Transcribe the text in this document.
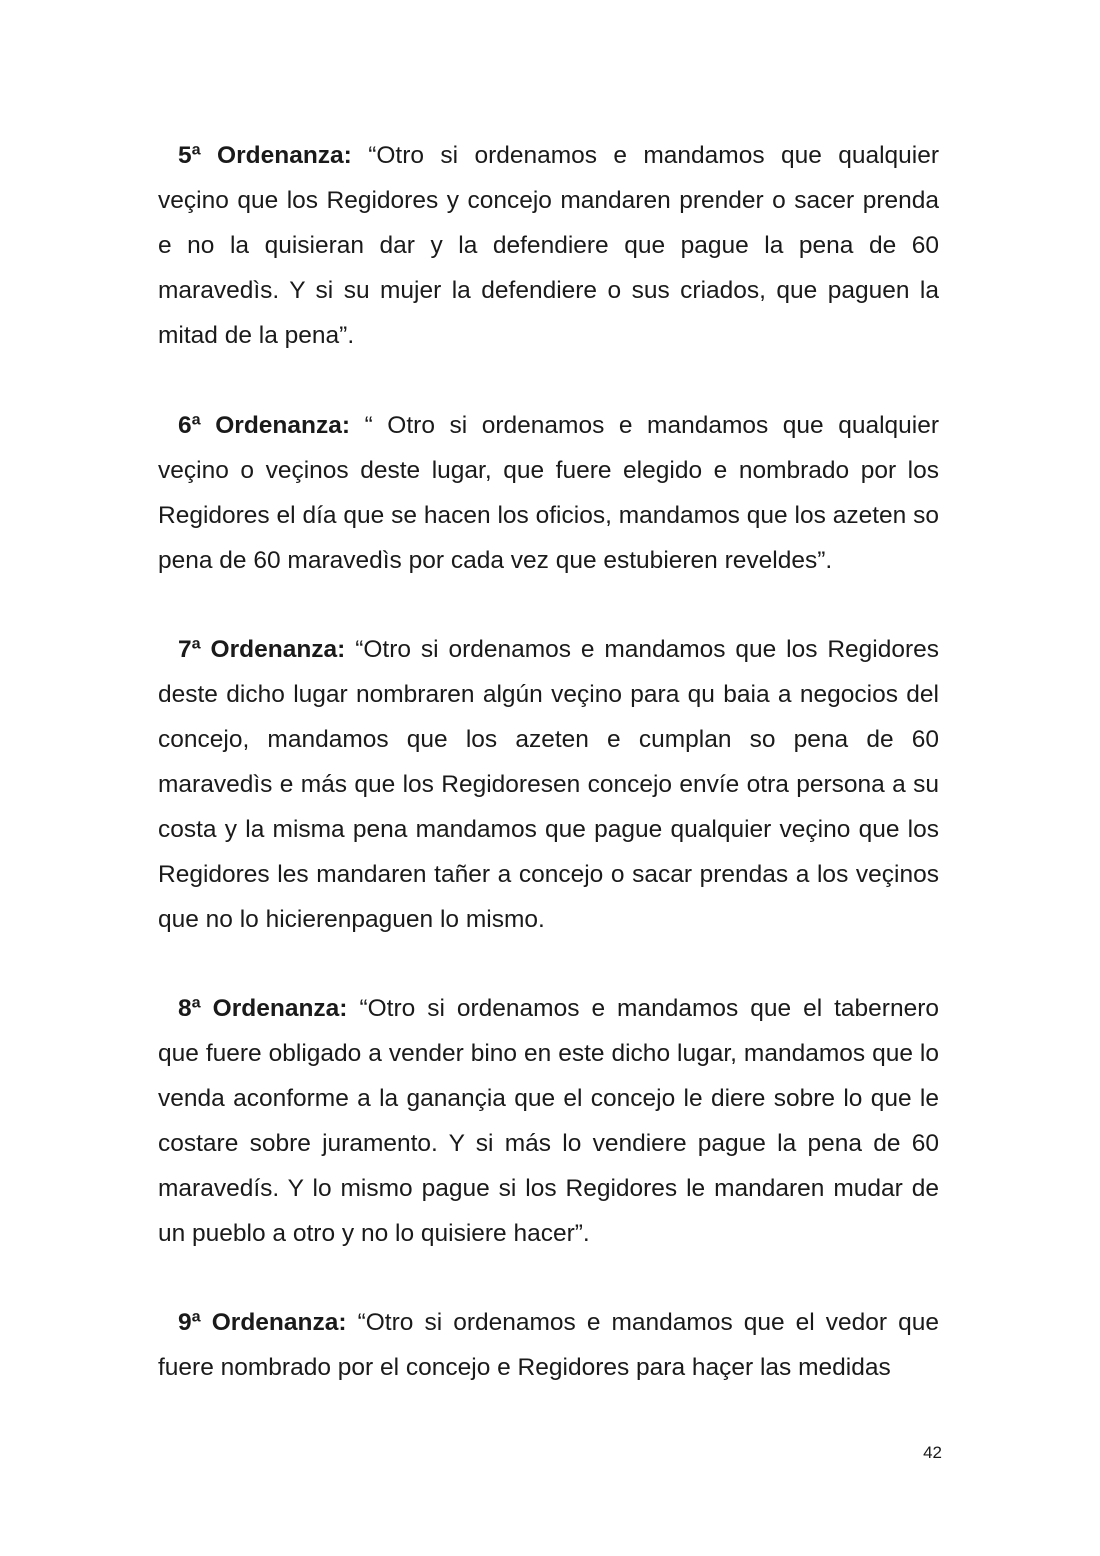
5ª Ordenanza: “Otro si ordenamos e mandamos que qualquier veçino que los Regidores y concejo mandaren prender o sacer prenda e no la quisieran dar y la defendiere que pague la pena de 60 maravedìs. Y si su mujer la defendiere o sus criados, que paguen la mitad de la pena”.

6ª Ordenanza: “ Otro si ordenamos e mandamos que qualquier veçino o veçinos deste lugar, que fuere elegido e nombrado por los Regidores el día que se hacen los oficios, mandamos que los azeten so pena de 60 maravedìs por cada vez que estubieren reveldes”.

7ª Ordenanza: “Otro si ordenamos e mandamos que los Regidores deste dicho lugar nombraren algún veçino para qu baia a negocios del concejo, mandamos que los azeten e cumplan so pena de 60 maravedìs e más que los Regidoresen concejo envíe otra persona a su costa y la misma pena mandamos que pague qualquier veçino que los Regidores les mandaren tañer a concejo o sacar prendas a los veçinos que no lo hicierenpaguen lo mismo.

8ª Ordenanza: “Otro si ordenamos e mandamos que el tabernero que fuere obligado a vender bino en este dicho lugar, mandamos que lo venda aconforme a la ganançia que el concejo le diere sobre lo que le costare sobre juramento. Y si más lo vendiere pague la pena de 60 maravedís. Y lo mismo pague si los Regidores le mandaren mudar de un pueblo a otro y no lo quisiere hacer”.

9ª Ordenanza: “Otro si ordenamos e mandamos que el vedor que fuere nombrado por el concejo e Regidores para haçer las medidas

42
